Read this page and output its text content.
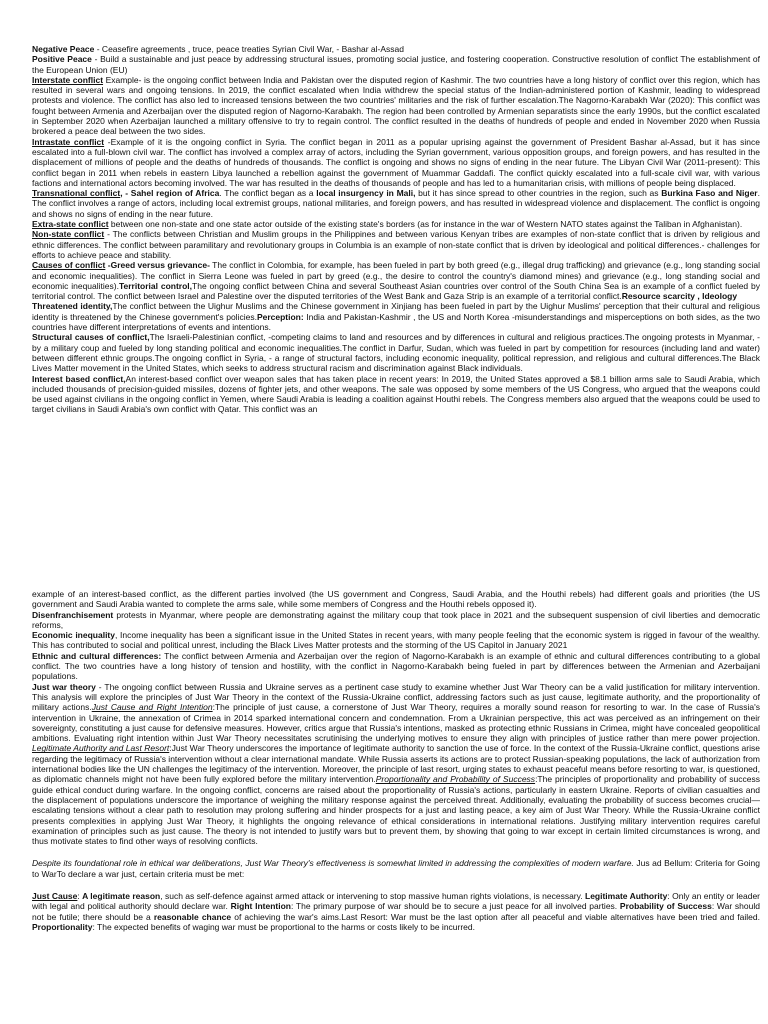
Negative Peace - Ceasefire agreements , truce, peace treaties Syrian Civil War, - Bashar al-Assad

Positive Peace - Build a sustainable and just peace by addressing structural issues, promoting social justice, and fostering cooperation. Constructive resolution of conflict The establishment of the European Union (EU)

Interstate conflict Example- is the ongoing conflict between India and Pakistan over the disputed region of Kashmir. The two countries have a long history of conflict over this region, which has resulted in several wars and ongoing tensions. In 2019, the conflict escalated when India withdrew the special status of the Indian-administered portion of Kashmir, leading to widespread protests and violence. The conflict has also led to increased tensions between the two countries' militaries and the risk of further escalation.The Nagorno-Karabakh War (2020): This conflict was fought between Armenia and Azerbaijan over the disputed region of Nagorno-Karabakh. The region had been controlled by Armenian separatists since the early 1990s, but the conflict escalated in September 2020 when Azerbaijan launched a military offensive to try to regain control. The conflict resulted in the deaths of hundreds of people and ended in November 2020 when Russia brokered a peace deal between the two sides.

Intrastate conflict -Example of it is the ongoing conflict in Syria. The conflict began in 2011 as a popular uprising against the government of President Bashar al-Assad, but it has since escalated into a full-blown civil war. The conflict has involved a complex array of actors, including the Syrian government, various opposition groups, and foreign powers, and has resulted in the displacement of millions of people and the deaths of hundreds of thousands. The conflict is ongoing and shows no signs of ending in the near future. The Libyan Civil War (2011-present): This conflict began in 2011 when rebels in eastern Libya launched a rebellion against the government of Muammar Gaddafi. The conflict quickly escalated into a full-scale civil war, with various factions and international actors becoming involved. The war has resulted in the deaths of thousands of people and has led to a humanitarian crisis, with millions of people being displaced.

Transnational conflict, - Sahel region of Africa. The conflict began as a local insurgency in Mali, but it has since spread to other countries in the region, such as Burkina Faso and Niger. The conflict involves a range of actors, including local extremist groups, national militaries, and foreign powers, and has resulted in widespread violence and displacement. The conflict is ongoing and shows no signs of ending in the near future.

Extra-state conflict between one non-state and one state actor outside of the existing state's borders (as for instance in the war of Western NATO states against the Taliban in Afghanistan).

Non-state conflict - The conflicts between Christian and Muslim groups in the Philippines and between various Kenyan tribes are examples of non-state conflict that is driven by religious and ethnic differences. The conflict between paramilitary and revolutionary groups in Columbia is an example of non-state conflict that is driven by ideological and political differences.- challenges for efforts to achieve peace and stability.

Causes of conflict -Greed versus grievance- The conflict in Colombia, for example, has been fueled in part by both greed (e.g., illegal drug trafficking) and grievance (e.g., long standing social and economic inequalities). The conflict in Sierra Leone was fueled in part by greed (e.g., the desire to control the country's diamond mines) and grievance (e.g., long standing social and economic inequalities).Territorial control,The ongoing conflict between China and several Southeast Asian countries over control of the South China Sea is an example of a conflict fueled by territorial control. The conflict between Israel and Palestine over the disputed territories of the West Bank and Gaza Strip is an example of a territorial conflict.Resource scarcity , Ideology

Threatened identity,The conflict between the Uighur Muslims and the Chinese government in Xinjiang has been fueled in part by the Uighur Muslims' perception that their cultural and religious identity is threatened by the Chinese government's policies.Perception: India and Pakistan-Kashmir , the US and North Korea -misunderstandings and misperceptions on both sides, as the two countries have different interpretations of events and intentions.

Structural causes of conflict,The Israeli-Palestinian conflict, -competing claims to land and resources and by differences in cultural and religious practices.The ongoing protests in Myanmar, - by a military coup and fueled by long standing political and economic inequalities.The conflict in Darfur, Sudan, which was fueled in part by competition for resources (including land and water) between different ethnic groups.The ongoing conflict in Syria, - a range of structural factors, including economic inequality, political repression, and religious and cultural differences.The Black Lives Matter movement in the United States, which seeks to address structural racism and discrimination against Black individuals.

Interest based conflict,An interest-based conflict over weapon sales that has taken place in recent years: In 2019, the United States approved a $8.1 billion arms sale to Saudi Arabia, which included thousands of precision-guided missiles, dozens of fighter jets, and other weapons. The sale was opposed by some members of the US Congress, who argued that the weapons could be used against civilians in the ongoing conflict in Yemen, where Saudi Arabia is leading a coalition against Houthi rebels. The Congress members also argued that the weapons could be used to target civilians in Saudi Arabia's own conflict with Qatar. This conflict was an

example of an interest-based conflict, as the different parties involved (the US government and Congress, Saudi Arabia, and the Houthi rebels) had different goals and priorities (the US government and Saudi Arabia wanted to complete the arms sale, while some members of Congress and the Houthi rebels opposed it).

Disenfranchisement protests in Myanmar, where people are demonstrating against the military coup that took place in 2021 and the subsequent suspension of civil liberties and democratic reforms,

Economic inequality, Income inequality has been a significant issue in the United States in recent years, with many people feeling that the economic system is rigged in favour of the wealthy. This has contributed to social and political unrest, including the Black Lives Matter protests and the storming of the US Capitol in January 2021

Ethnic and cultural differences: The conflict between Armenia and Azerbaijan over the region of Nagorno-Karabakh is an example of ethnic and cultural differences contributing to a global conflict. The two countries have a long history of tension and hostility, with the conflict in Nagorno-Karabakh being fueled in part by differences between the Armenian and Azerbaijani populations.

Just war theory - The ongoing conflict between Russia and Ukraine serves as a pertinent case study to examine whether Just War Theory can be a valid justification for military intervention. This analysis will explore the principles of Just War Theory in the context of the Russia-Ukraine conflict, addressing factors such as just cause, legitimate authority, and the proportionality of military actions.Just Cause and Right Intention:The principle of just cause, a cornerstone of Just War Theory, requires a morally sound reason for resorting to war. In the case of Russia's intervention in Ukraine, the annexation of Crimea in 2014 sparked international concern and condemnation. From a Ukrainian perspective, this act was perceived as an infringement on their sovereignty, constituting a just cause for defensive measures. However, critics argue that Russia's intentions, masked as protecting ethnic Russians in Crimea, might have concealed geopolitical ambitions. Evaluating right intention within Just War Theory necessitates scrutinising the underlying motives to ensure they align with principles of justice rather than mere power projection. Legitimate Authority and Last Resort:Just War Theory underscores the importance of legitimate authority to sanction the use of force. In the context of the Russia-Ukraine conflict, questions arise regarding the legitimacy of Russia's intervention without a clear international mandate. While Russia asserts its actions are to protect Russian-speaking populations, the lack of authorization from international bodies like the UN challenges the legitimacy of the intervention. Moreover, the principle of last resort, urging states to exhaust peaceful means before resorting to war, is questioned, as diplomatic channels might not have been fully explored before the military intervention.Proportionality and Probability of Success:The principles of proportionality and probability of success guide ethical conduct during warfare. In the ongoing conflict, concerns are raised about the proportionality of Russia's actions, particularly in eastern Ukraine. Reports of civilian casualties and the displacement of populations underscore the importance of weighing the military response against the perceived threat. Additionally, evaluating the probability of success becomes crucial—escalating tensions without a clear path to resolution may prolong suffering and hinder prospects for a just and lasting peace, a key aim of Just War Theory. While the Russia-Ukraine conflict presents complexities in applying Just War Theory, it highlights the ongoing relevance of ethical considerations in international relations. Justifying military intervention requires careful examination of principles such as just cause. The theory is not intended to justify wars but to prevent them, by showing that going to war except in certain limited circumstances is wrong, and thus motivate states to find other ways of resolving conflicts.

Despite its foundational role in ethical war deliberations, Just War Theory's effectiveness is somewhat limited in addressing the complexities of modern warfare. Jus ad Bellum: Criteria for Going to WarTo declare a war just, certain criteria must be met:

Just Cause: A legitimate reason, such as self-defence against armed attack or intervening to stop massive human rights violations, is necessary. Legitimate Authority: Only an entity or leader with legal and political authority should declare war. Right Intention: The primary purpose of war should be to secure a just peace for all involved parties. Probability of Success: War should not be futile; there should be a reasonable chance of achieving the war's aims.Last Resort: War must be the last option after all peaceful and viable alternatives have been tried and failed. Proportionality: The expected benefits of waging war must be proportional to the harms or costs likely to be incurred.
